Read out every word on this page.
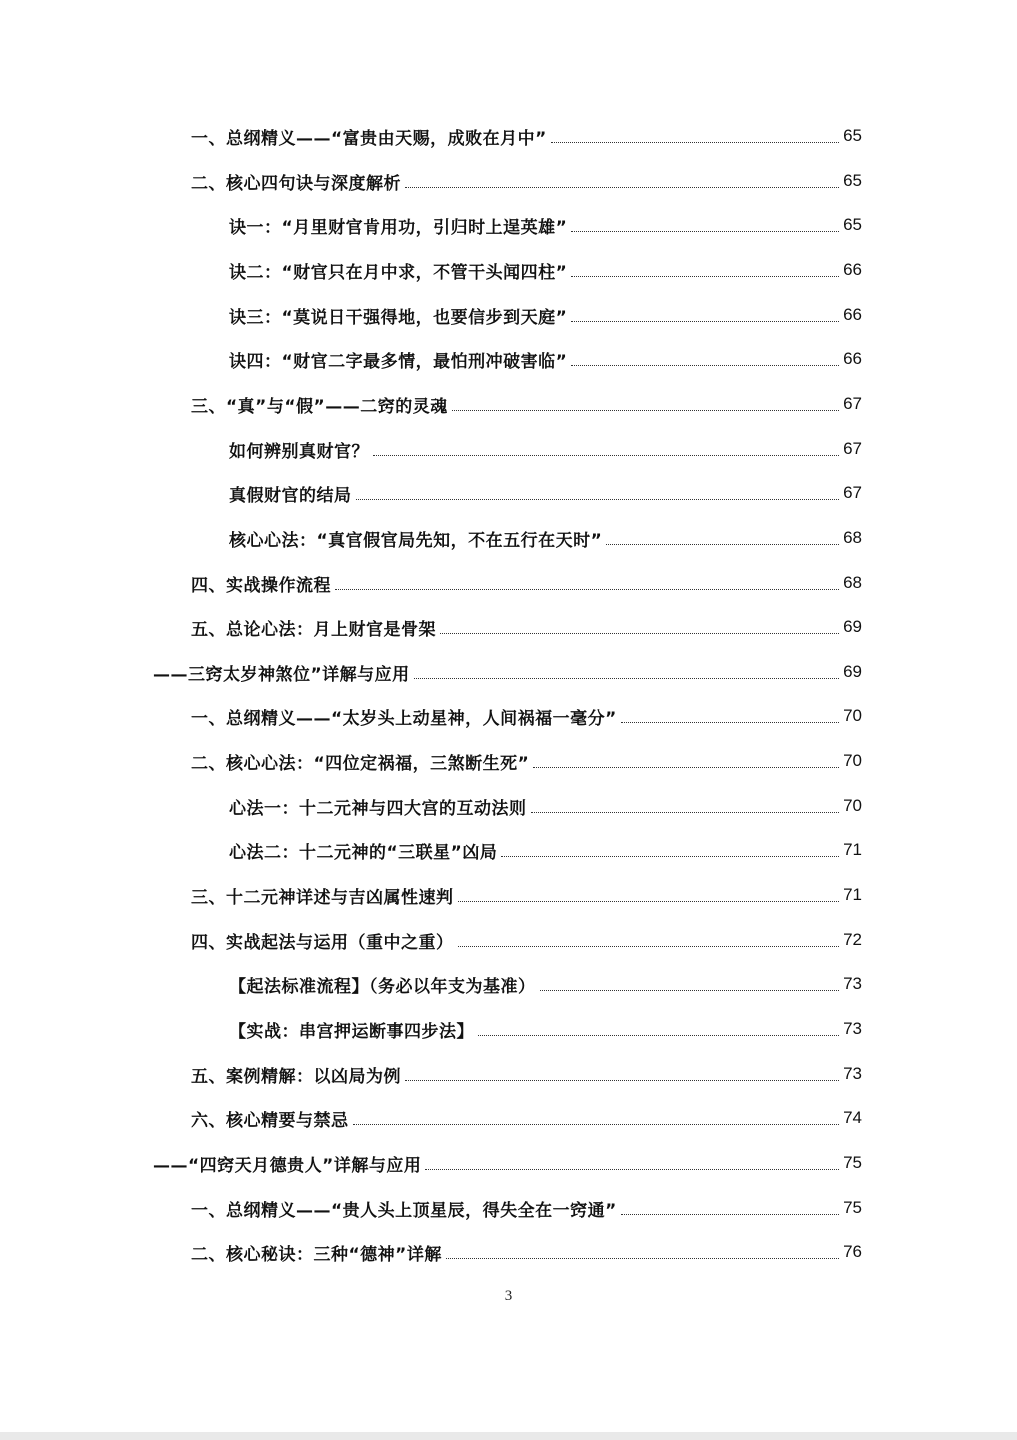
一、总纲精义——“富贵由天赐，成败在月中”	65
二、核心四句诀与深度解析	65
诀一：“月里财官肯用功，引归时上逞英雄”	65
诀二：“财官只在月中求，不管干头闻四柱”	66
诀三：“莫说日干强得地，也要信步到天庭”	66
诀四：“财官二字最多情，最怕刑冲破害临”	66
三、“真”与“假”——二窍的灵魂	67
如何辨别真财官？	67
真假财官的结局	67
核心心法：“真官假官局先知，不在五行在天时”	68
四、实战操作流程	68
五、总论心法：月上财官是骨架	69
——三窍太岁神煞位”详解与应用	69
一、总纲精义——“太岁头上动星神，人间祸福一毫分”	70
二、核心心法：“四位定祸福，三煞断生死”	70
心法一：十二元神与四大宫的互动法则	70
心法二：十二元神的“三联星”凶局	71
三、十二元神详述与吉凶属性速判	71
四、实战起法与运用（重中之重）	72
【起法标准流程】（务必以年支为基准）	73
【实战：串宫押运断事四步法】	73
五、案例精解：以凶局为例	73
六、核心精要与禁忌	74
——“四窍天月德贵人”详解与应用	75
一、总纲精义——“贵人头上顶星辰，得失全在一窍通”	75
二、核心秘诀：三种“德神”详解	76
3
